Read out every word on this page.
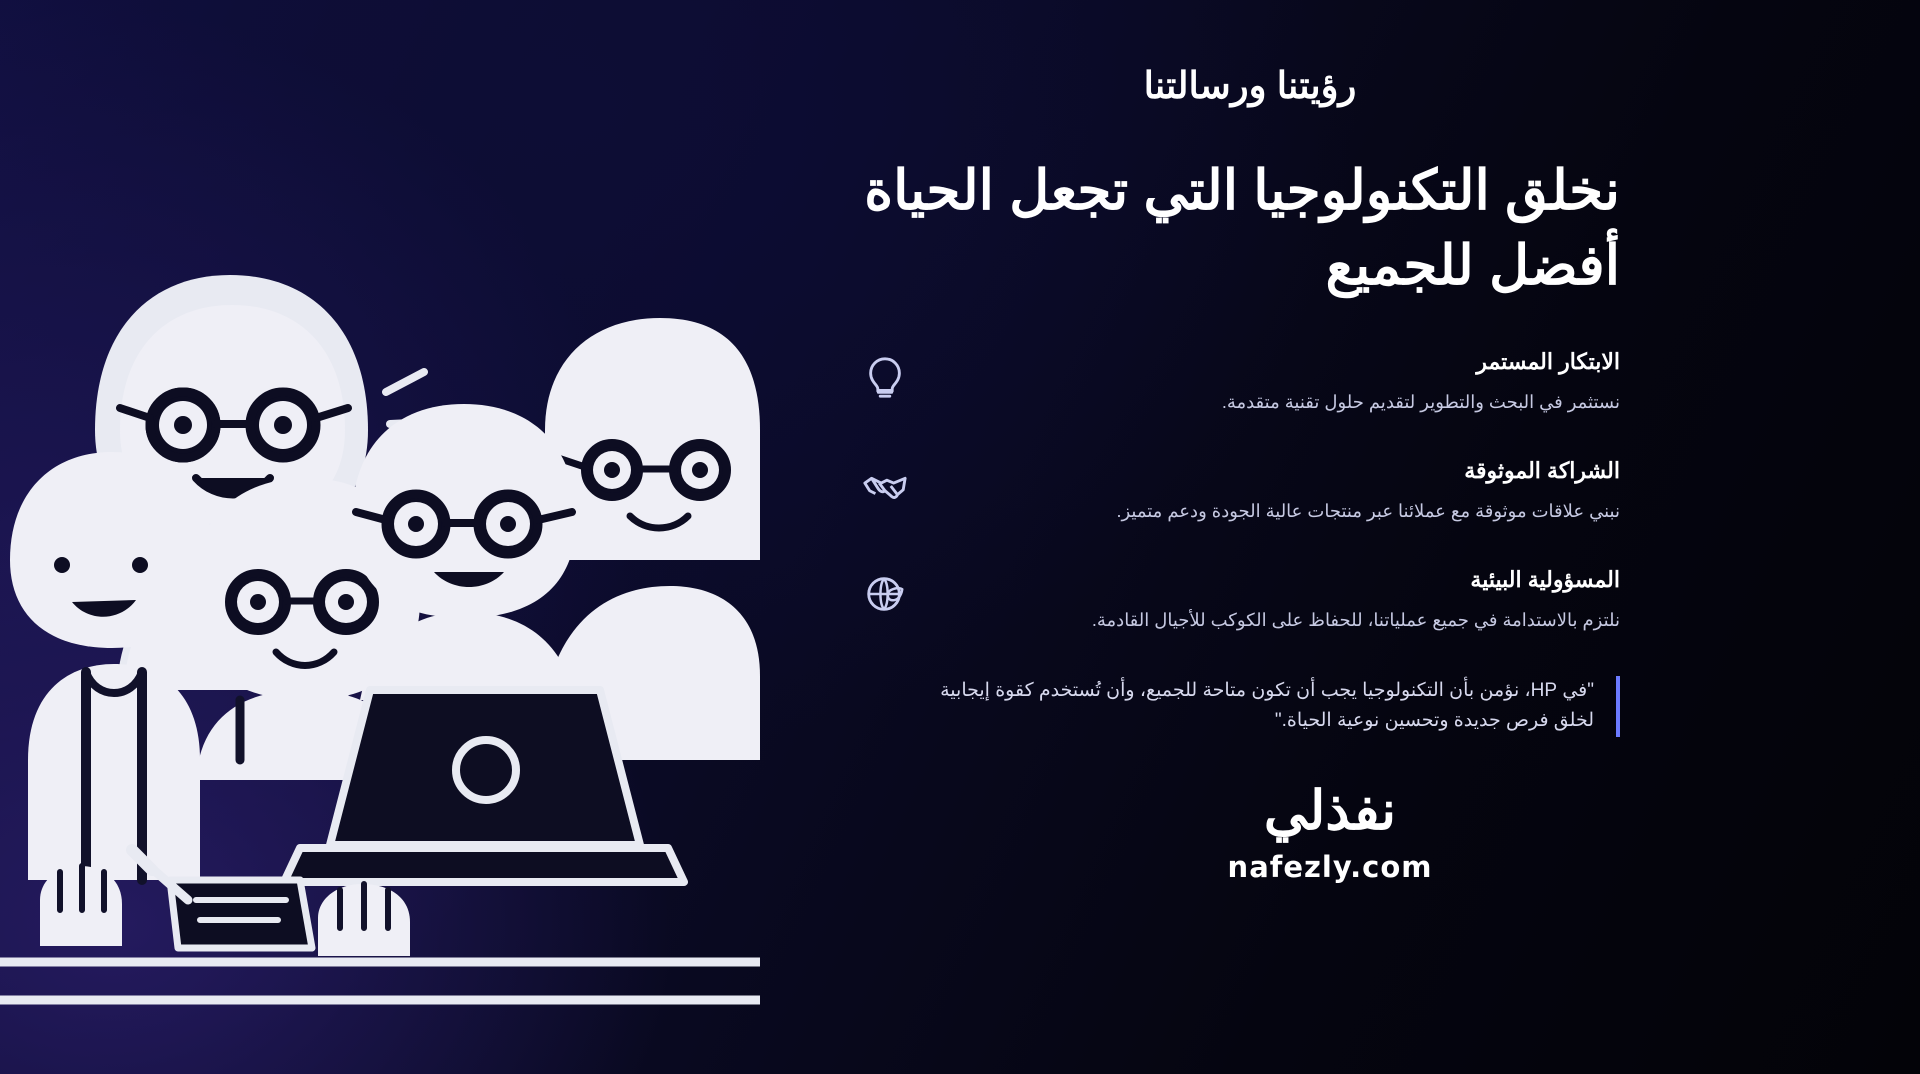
رؤيتنا ورسالتنا
نخلق التكنولوجيا التي تجعل الحياة أفضل للجميع
الابتكار المستمر
نستثمر في البحث والتطوير لتقديم حلول تقنية متقدمة.
الشراكة الموثوقة
نبني علاقات موثوقة مع عملائنا عبر منتجات عالية الجودة ودعم متميز.
المسؤولية البيئية
نلتزم بالاستدامة في جميع عملياتنا، للحفاظ على الكوكب للأجيال القادمة.
"في HP، نؤمن بأن التكنولوجيا يجب أن تكون متاحة للجميع، وأن تُستخدم كقوة إيجابية لخلق فرص جديدة وتحسين نوعية الحياة."
نفذلي
nafezly.com
